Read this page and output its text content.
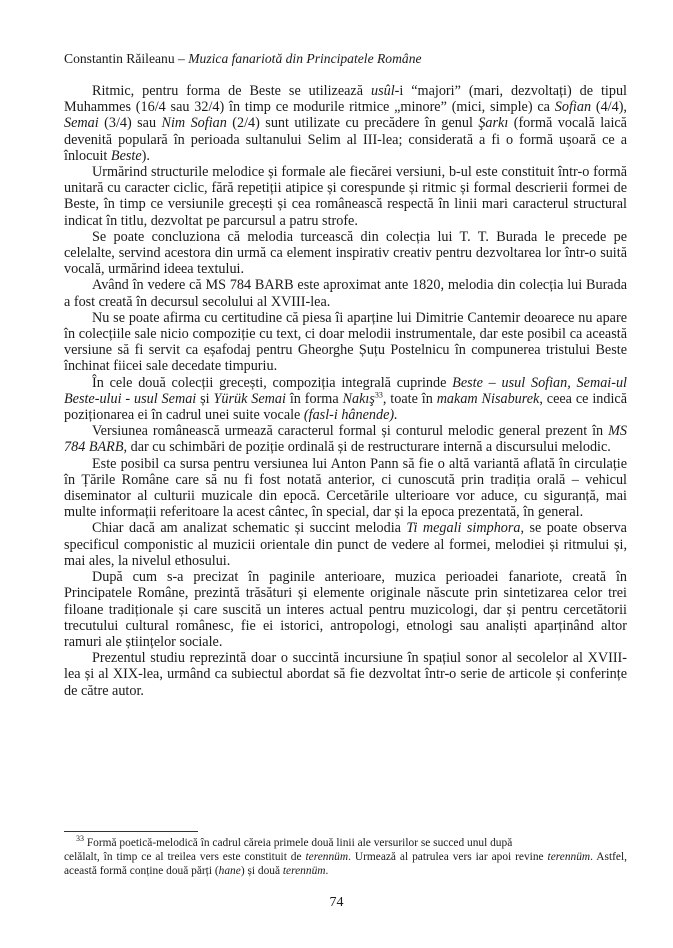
Constantin Răileanu – Muzica fanariotă din Principatele Române

Ritmic, pentru forma de Beste se utilizează usûl-i “majori” (mari, dezvoltați) de tipul Muhammes (16/4 sau 32/4) în timp ce modurile ritmice „minore” (mici, simple) ca Sofian (4/4), Semai (3/4) sau Nim Sofian (2/4) sunt utilizate cu precădere în genul Şarkı (formă vocală laică devenită populară în perioada sultanului Selim al III-lea; considerată a fi o formă ușoară ce a înlocuit Beste).

Urmărind structurile melodice și formale ale fiecărei versiuni, b-ul este constituit într-o formă unitară cu caracter ciclic, fără repetiții atipice și corespunde și ritmic și formal descrierii formei de Beste, în timp ce versiunile grecești și cea românească respectă în linii mari caracterul structural indicat în titlu, dezvoltat pe parcursul a patru strofe.

Se poate concluziona că melodia turcească din colecția lui T. T. Burada le precede pe celelalte, servind acestora din urmă ca element inspirativ creativ pentru dezvoltarea lor într-o suită vocală, urmărind ideea textului.

Având în vedere că MS 784 BARB este aproximat ante 1820, melodia din colecția lui Burada a fost creată în decursul secolului al XVIII-lea.

Nu se poate afirma cu certitudine că piesa îi aparține lui Dimitrie Cantemir deoarece nu apare în colecțiile sale nicio compoziție cu text, ci doar melodii instrumentale, dar este posibil ca această versiune să fi servit ca eșafodaj pentru Gheorghe Șuțu Postelnicu în compunerea tristului Beste închinat fiicei sale decedate timpuriu.

În cele două colecții grecești, compoziția integrală cuprinde Beste – usul Sofian, Semai-ul Beste-ului - usul Semai și Yürük Semai în forma Nakış$^{33}$, toate în makam Nisaburek, ceea ce indică poziționarea ei în cadrul unei suite vocale (fasl-i hânende).

Versiunea românească urmează caracterul formal și conturul melodic general prezent în MS 784 BARB, dar cu schimbări de poziție ordinală și de restructurare internă a discursului melodic.

Este posibil ca sursa pentru versiunea lui Anton Pann să fie o altă variantă aflată în circulație în Țările Române care să nu fi fost notată anterior, ci cunoscută prin tradiția orală – vehicul diseminator al culturii muzicale din epocă. Cercetările ulterioare vor aduce, cu siguranță, mai multe informații referitoare la acest cântec, în special, dar și la epoca prezentată, în general.

Chiar dacă am analizat schematic și succint melodia Ti megali simphora, se poate observa specificul componistic al muzicii orientale din punct de vedere al formei, melodiei și ritmului și, mai ales, la nivelul ethosului.

După cum s-a precizat în paginile anterioare, muzica perioadei fanariote, creată în Principatele Române, prezintă trăsături și elemente originale născute prin sintetizarea celor trei filoane tradiționale și care suscită un interes actual pentru muzicologi, dar și pentru cercetătorii trecutului cultural românesc, fie ei istorici, antropologi, etnologi sau analiști aparținând altor ramuri ale științelor sociale.

Prezentul studiu reprezintă doar o succintă incursiune în spațiul sonor al secolelor al XVIII-lea și al XIX-lea, urmând ca subiectul abordat să fie dezvoltat într-o serie de articole și conferințe de către autor.

$^{33}$ Formă poetică-melodică în cadrul căreia primele două linii ale versurilor se succed unul după
celălalt, în timp ce al treilea vers este constituit de terennüm. Urmează al patrulea vers iar apoi revine terennüm. Astfel, această formă conține două părți (hane) și două terennüm.
74
